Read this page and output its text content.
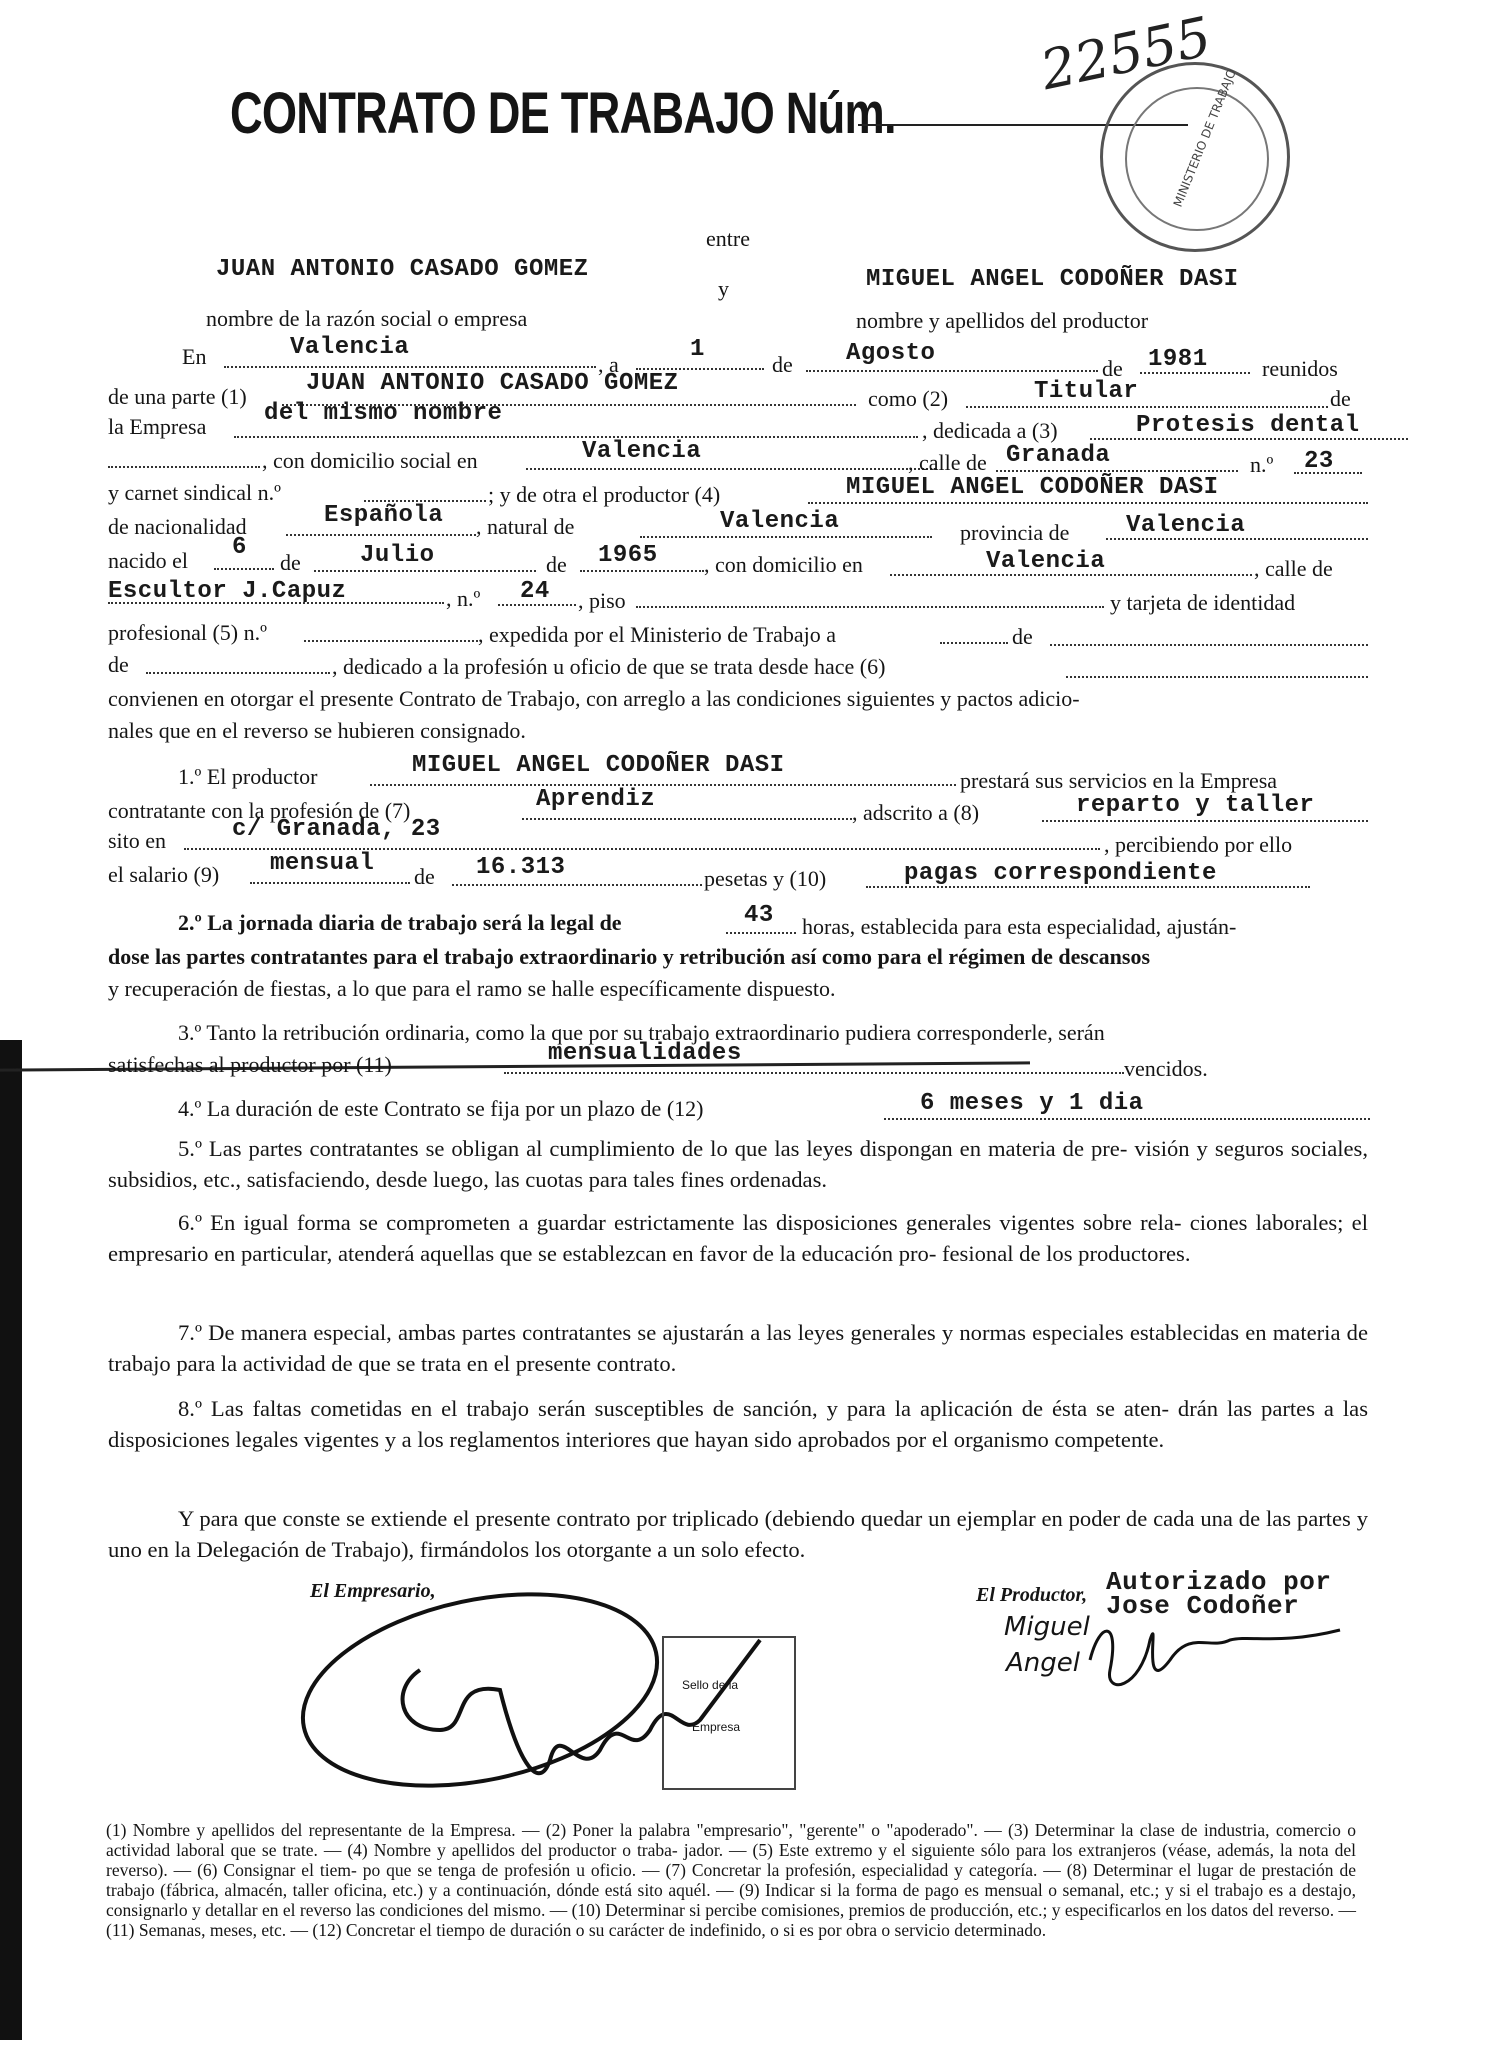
CONTRATO DE TRABAJO Núm.
22555
MINISTERIO DE TRABAJO
entre
JUAN ANTONIO CASADO GOMEZ
y	MIGUEL ANGEL CODOÑER DASI
nombre de la razón social o empresa	nombre y apellidos del productor
En	Valencia
, a
1
de Agosto
de 1981 reunidos
de una parte (1) JUAN ANTONIO CASADO GOMEZ
como (2)	Titular	de
la Empresa del mismo nombre
, dedicada a (3)	Protesis dental
, con domicilio social en	Valencia	, calle de Granada	n.º 23
y carnet sindical n.º	; y de otra el productor (4)	MIGUEL ANGEL CODOÑER DASI
de nacionalidad	Española , natural de	Valencia	provincia de Valencia
nacido el 6
de Julio	de 1965 , con domicilio en	Valencia	, calle de
Escultor J.Capuz	, n.º 24 , piso	y tarjeta de identidad
profesional (5) n.º	, expedida por el Ministerio de Trabajo a	de
de	, dedicado a la profesión u oficio de que se trata desde hace (6)
convienen en otorgar el presente Contrato de Trabajo, con arreglo a las condiciones siguientes y pactos adicio-
nales que en el reverso se hubieren consignado.
1.º El productor	MIGUEL ANGEL CODOÑER DASI
prestará sus servicios en la Empresa
contratante con la profesión de (7)	Aprendiz	, adscrito a (8)	reparto y taller
sito en	c/ Granada, 23
, percibiendo por ello
el salario (9) mensual de 16.313	pesetas y (10)	pagas correspondiente
2.º La jornada diaria de trabajo será la legal de	43 horas, establecida para esta especialidad, ajustán-
dose las partes contratantes para el trabajo extraordinario y retribución así como para el régimen de descansos
y recuperación de fiestas, a lo que para el ramo se halle específicamente dispuesto.
3.º Tanto la retribución ordinaria, como la que por su trabajo extraordinario pudiera corresponderle, serán
satisfechas al productor por (11)	mensualidades
vencidos.
4.º La duración de este Contrato se fija por un plazo de (12)	6 meses y 1 dia
5.º Las partes contratantes se obligan al cumplimiento de lo que las leyes dispongan en materia de pre- visión y seguros sociales, subsidios, etc., satisfaciendo, desde luego, las cuotas para tales fines ordenadas.
6.º En igual forma se comprometen a guardar estrictamente las disposiciones generales vigentes sobre rela- ciones laborales; el empresario en particular, atenderá aquellas que se establezcan en favor de la educación pro- fesional de los productores.
7.º De manera especial, ambas partes contratantes se ajustarán a las leyes generales y normas especiales establecidas en materia de trabajo para la actividad de que se trata en el presente contrato.
8.º Las faltas cometidas en el trabajo serán susceptibles de sanción, y para la aplicación de ésta se aten- drán las partes a las disposiciones legales vigentes y a los reglamentos interiores que hayan sido aprobados por el organismo competente.
Y para que conste se extiende el presente contrato por triplicado (debiendo quedar un ejemplar en poder de cada una de las partes y uno en la Delegación de Trabajo), firmándolos los otorgante a un solo efecto.
El Empresario,	El Productor, Autorizado por Jose Codoñer
Sello de la
Empresa
Miguel
Angel
(1) Nombre y apellidos del representante de la Empresa. — (2) Poner la palabra "empresario", "gerente" o "apoderado". — (3) Determinar la clase de industria, comercio o actividad laboral que se trate. — (4) Nombre y apellidos del productor o traba- jador. — (5) Este extremo y el siguiente sólo para los extranjeros (véase, además, la nota del reverso). — (6) Consignar el tiem- po que se tenga de profesión u oficio. — (7) Concretar la profesión, especialidad y categoría. — (8) Determinar el lugar de prestación de trabajo (fábrica, almacén, taller oficina, etc.) y a continuación, dónde está sito aquél. — (9) Indicar si la forma de pago es mensual o semanal, etc.; y si el trabajo es a destajo, consignarlo y detallar en el reverso las condiciones del mismo. — (10) Determinar si percibe comisiones, premios de producción, etc.; y especificarlos en los datos del reverso. — (11) Semanas, meses, etc. — (12) Concretar el tiempo de duración o su carácter de indefinido, o si es por obra o servicio determinado.
